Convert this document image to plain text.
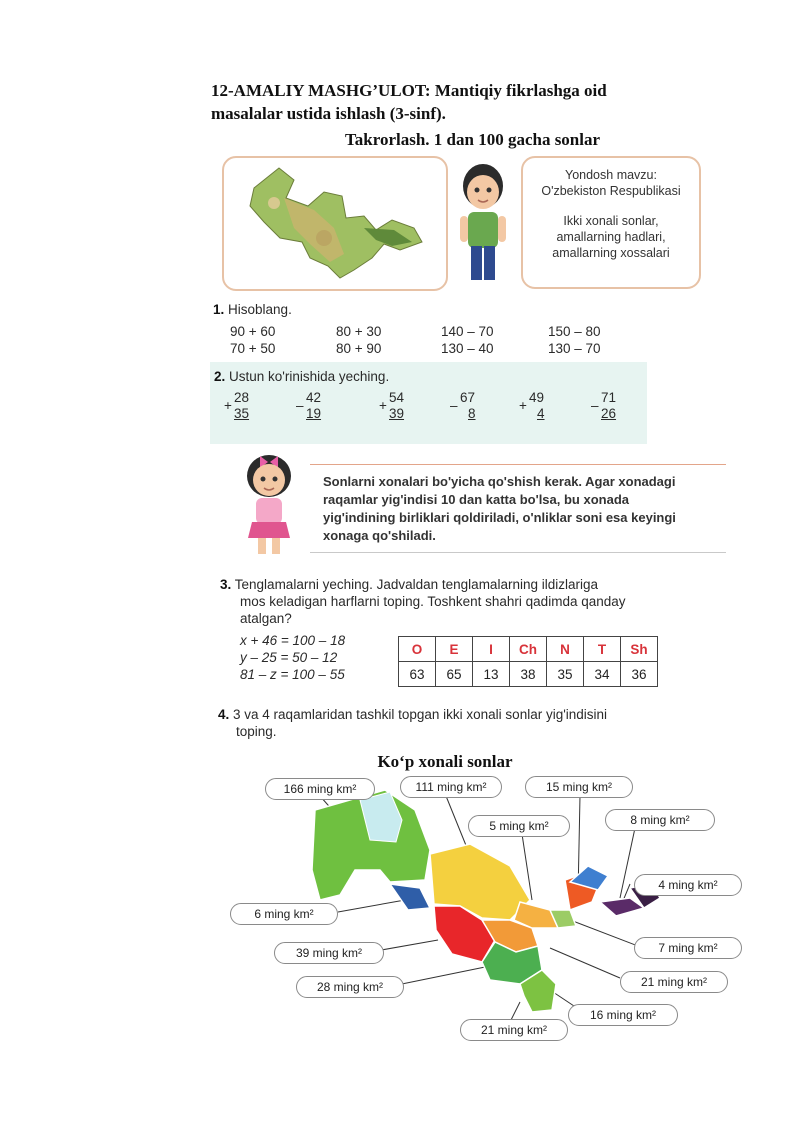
12-AMALIY MASHG’ULOT: Mantiqiy fikrlashga oid
masalalar ustida ishlash (3-sinf).
Takrorlash. 1 dan 100 gacha sonlar
Yondosh mavzu:
O'zbekiston Respublikasi
Ikki xonali sonlar,
amallarning hadlari,
amallarning xossalari
1. Hisoblang.
90 + 60	80 + 30	140 – 70	150 – 80
70 + 50	80 + 90	130 – 40	130 – 70
2. Ustun ko'rinishida yeching.
+
28
35
–
42
19
+
54
39
–
67
8
+
49
4
–
71
26
Sonlarni xonalari bo'yicha qo'shish kerak. Agar xonadagi
raqamlar yig'indisi 10 dan katta bo'lsa, bu xonada
yig'indining birliklari qoldiriladi, o'nliklar soni esa keyingi
xonaga qo'shiladi.
3. Tenglamalarni yeching. Jadvaldan tenglamalarning ildizlariga
mos keladigan harflarni toping. Toshkent shahri qadimda qanday
atalgan?
x + 46 = 100 – 18
y – 25 = 50 – 12
81 – z = 100 – 55
O	E	I	Ch	N	T	Sh
63	65	13	38	35	34	36
4. 3 va 4 raqamlaridan tashkil topgan ikki xonali sonlar yig'indisini
toping.
Ko‘p xonali sonlar
166 ming km²	111 ming km²	15 ming km²
5 ming km²	8 ming km²
4 ming km²
6 ming km²
7 ming km²
39 ming km²
21 ming km²
28 ming km²
16 ming km²
21 ming km²
